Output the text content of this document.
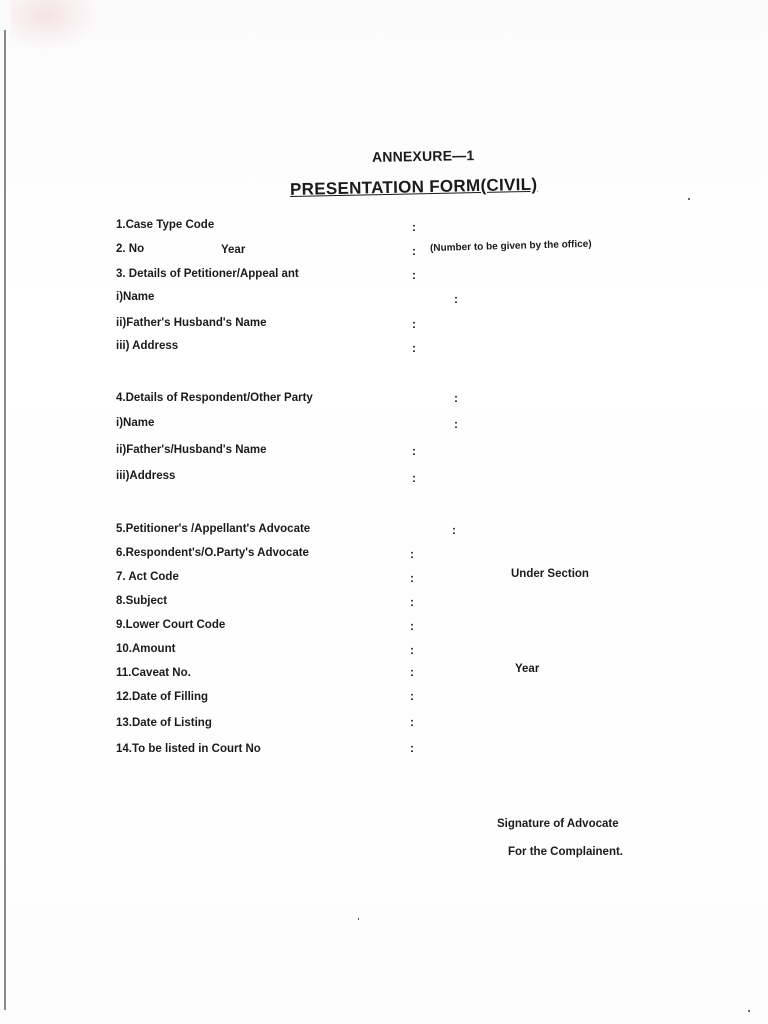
ANNEXURE—1
PRESENTATION FORM(CIVIL)
1.Case Type Code	:
2. No	Year	: (Number to be given by the office)
3. Details of Petitioner/Appeal ant	:
i)Name	:
ii)Father's Husband's Name	:
iii) Address	:
4.Details of Respondent/Other Party	:
i)Name	:
ii)Father's/Husband's Name	:
iii)Address	:
5.Petitioner's /Appellant's Advocate	:
6.Respondent's/O.Party's Advocate	:
7. Act Code	:	Under Section
8.Subject	:
9.Lower Court Code	:
10.Amount	:
11.Caveat No.	:	Year
12.Date of Filling	:
13.Date of Listing	:
14.To be listed in Court No	:
Signature of Advocate
For the Complainent.
